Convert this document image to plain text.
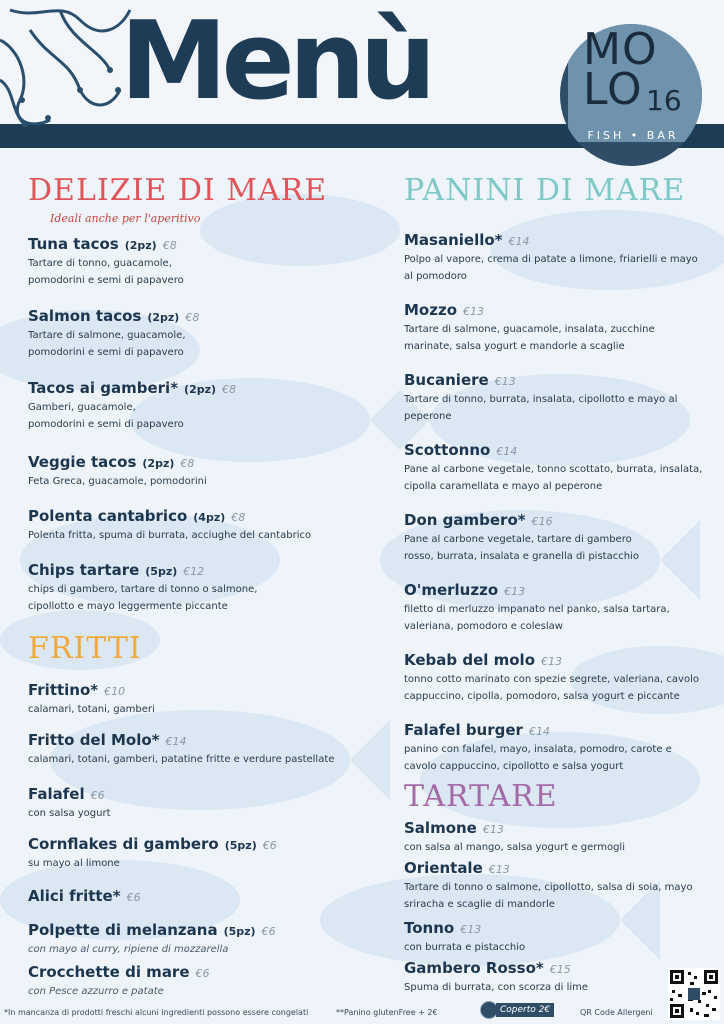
Menù	MO
LO 16
FISH • BAR
DELIZIE DI MARE
Ideali anche per l'aperitivo
Tuna tacos (2pz) €8
Tartare di tonno, guacamole,
pomodorini e semi di papavero
Salmon tacos (2pz) €8
Tartare di salmone, guacamole,
pomodorini e semi di papavero
Tacos ai gamberi* (2pz) €8
Gamberi, guacamole,
pomodorini e semi di papavero
Veggie tacos (2pz) €8
Feta Greca, guacamole, pomodorini
Polenta cantabrico (4pz) €8
Polenta fritta, spuma di burrata, acciughe del cantabrico
Chips tartare (5pz) €12
chips di gambero, tartare di tonno o salmone,
cipollotto e mayo leggermente piccante
FRITTI
Frittino* €10
calamari, totani, gamberi
Fritto del Molo* €14
calamari, totani, gamberi, patatine fritte e verdure pastellate
Falafel €6
con salsa yogurt
Cornflakes di gambero (5pz) €6
su mayo al limone
Alici fritte* €6
Polpette di melanzana (5pz) €6
con mayo al curry, ripiene di mozzarella
Crocchette di mare €6
con Pesce azzurro e patate
PANINI DI MARE
Masaniello* €14
Polpo al vapore, crema di patate a limone, friarielli e mayo
al pomodoro
Mozzo €13
Tartare di salmone, guacamole, insalata, zucchine
marinate, salsa yogurt e mandorle a scaglie
Bucaniere €13
Tartare di tonno, burrata, insalata, cipollotto e mayo al
peperone
Scottonno €14
Pane al carbone vegetale, tonno scottato, burrata, insalata,
cipolla caramellata e mayo al peperone
Don gambero* €16
Pane al carbone vegetale, tartare di gambero
rosso, burrata, insalata e granella di pistacchio
O'merluzzo €13
filetto di merluzzo impanato nel panko, salsa tartara,
valeriana, pomodoro e coleslaw
Kebab del molo €13
tonno cotto marinato con spezie segrete, valeriana, cavolo
cappuccino, cipolla, pomodoro, salsa yogurt e piccante
Falafel burger €14
panino con falafel, mayo, insalata, pomodro, carote e
cavolo cappuccino, cipollotto e salsa yogurt
TARTARE
Salmone €13
con salsa al mango, salsa yogurt e germogli
Orientale €13
Tartare di tonno o salmone, cipollotto, salsa di soia, mayo
sriracha e scaglie di mandorle
Tonno €13
con burrata e pistacchio
Gambero Rosso* €15
Spuma di burrata, con scorza di lime
*In mancanza di prodotti freschi alcuni ingredienti possono essere congelati	**Panino glutenFree + 2€	QR Code Allergeni
Coperto 2€
